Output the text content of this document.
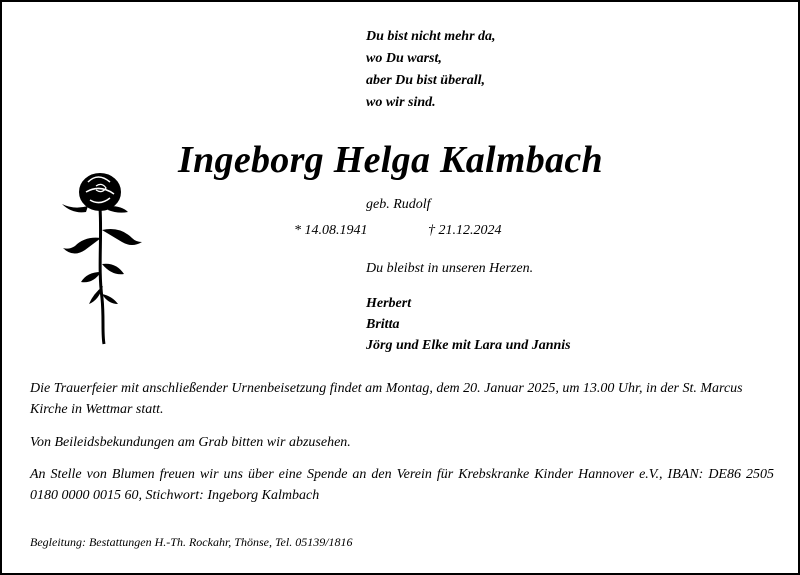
Du bist nicht mehr da,
wo Du warst,
aber Du bist überall,
wo wir sind.
Ingeborg Helga Kalmbach
geb. Rudolf
* 14.08.1941	† 21.12.2024
Du bleibst in unseren Herzen.
Herbert
Britta
Jörg und Elke mit Lara und Jannis
Die Trauerfeier mit anschließender Urnenbeisetzung findet am Montag, dem 20. Januar 2025, um 13.00 Uhr, in der St. Marcus Kirche in Wettmar statt.
Von Beileidsbekundungen am Grab bitten wir abzusehen.
An Stelle von Blumen freuen wir uns über eine Spende an den Verein für Krebskranke Kinder Hannover e.V., IBAN: DE86 2505 0180 0000 0015 60, Stichwort: Ingeborg Kalmbach
Begleitung: Bestattungen H.-Th. Rockahr, Thönse, Tel. 05139/1816
